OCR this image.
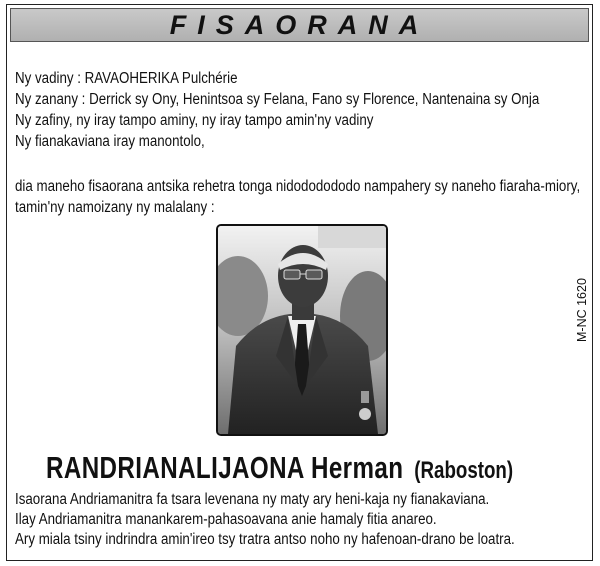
FISAORANA
Ny vadiny : RAVAOHERIKA Pulchérie
Ny zanany : Derrick sy Ony, Henintsoa sy Felana, Fano sy Florence, Nantenaina sy Onja
Ny zafiny, ny iray tampo aminy, ny iray tampo amin'ny vadiny
Ny fianakaviana iray manontolo,
dia maneho fisaorana antsika rehetra tonga nidododododo nampahery sy naneho fiaraha-miory, tamin'ny namoizany ny malalany :
M-NC 1620
RANDRIANALIJAONA Herman (Raboston)
Isaorana Andriamanitra fa tsara levenana ny maty ary heni-kaja ny fianakaviana.
Ilay Andriamanitra manankarem-pahasoavana anie hamaly fitia anareo.
Ary miala tsiny indrindra amin'ireo tsy tratra antso noho ny hafenoan-drano be loatra.
